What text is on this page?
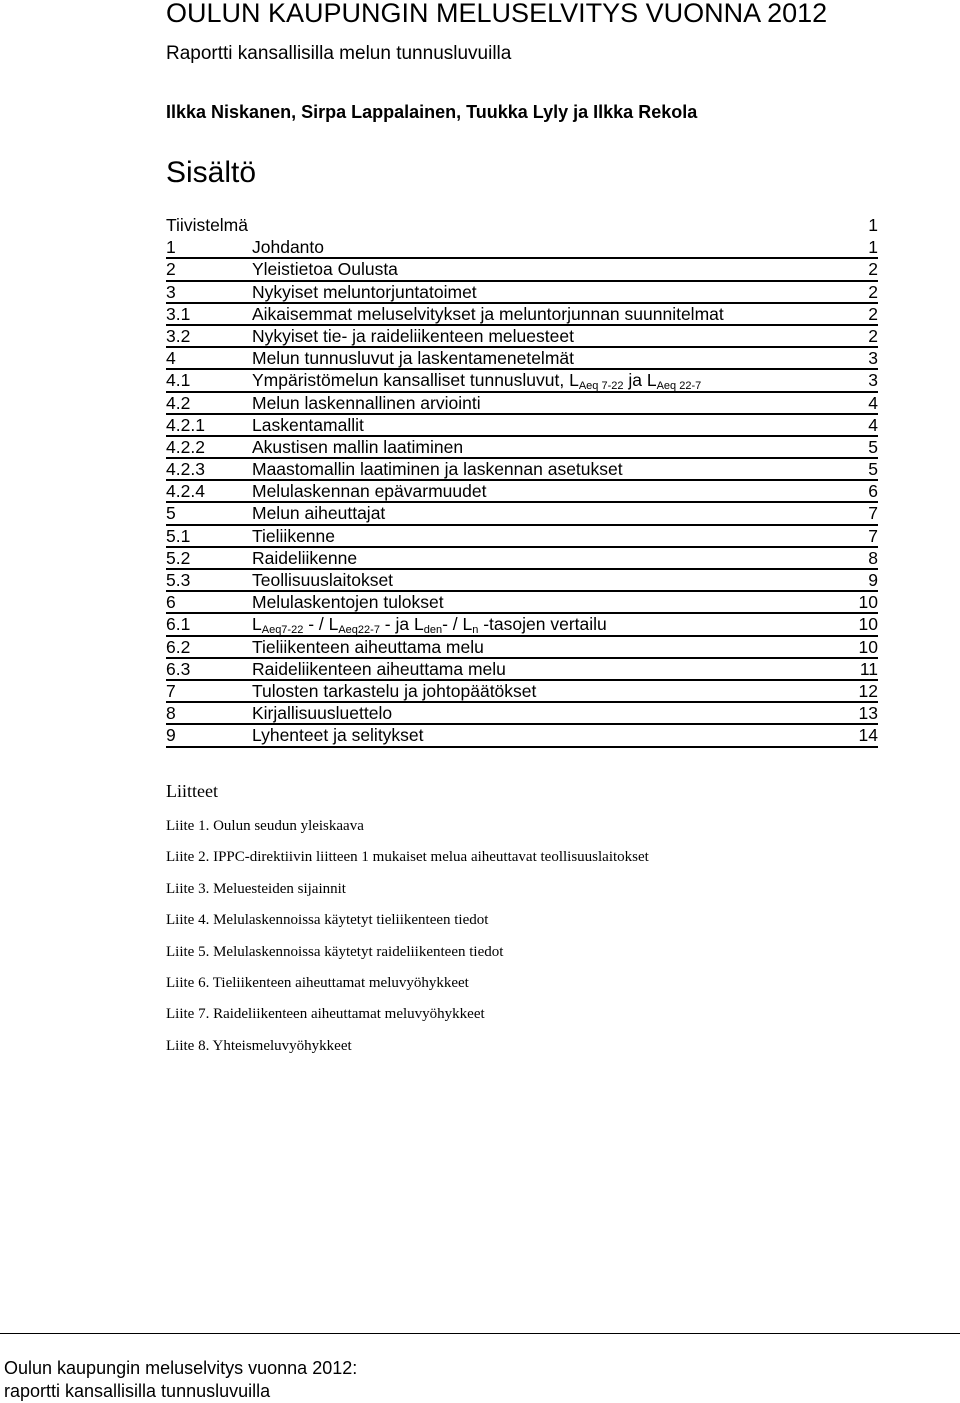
OULUN KAUPUNGIN MELUSELVITYS VUONNA 2012
Raportti kansallisilla melun tunnusluvuilla
Ilkka Niskanen, Sirpa Lappalainen, Tuukka Lyly ja Ilkka Rekola
Sisältö
Tiivistelmä	1
1	Johdanto	1
2	Yleistietoa Oulusta	2
3	Nykyiset meluntorjuntatoimet	2
3.1	Aikaisemmat meluselvitykset ja meluntorjunnan suunnitelmat	2
3.2	Nykyiset tie- ja raideliikenteen meluesteet	2
4	Melun tunnusluvut ja laskentamenetelmät	3
4.1	Ympäristömelun kansalliset tunnusluvut, $L_{Aeq 7-22}$ ja $L_{Aeq 22-7}$	3
4.2	Melun laskennallinen arviointi	4
4.2.1	Laskentamallit	4
4.2.2	Akustisen mallin laatiminen	5
4.2.3	Maastomallin laatiminen ja laskennan asetukset	5
4.2.4	Melulaskennan epävarmuudet	6
5	Melun aiheuttajat	7
5.1	Tieliikenne	7
5.2	Raideliikenne	8
5.3	Teollisuuslaitokset	9
6	Melulaskentojen tulokset	10
6.1	$L_{Aeq7-22}$ - / $L_{Aeq22-7}$ - ja $L_{den}- / L_n$ -tasojen vertailu	10
6.2	Tieliikenteen aiheuttama melu	10
6.3	Raideliikenteen aiheuttama melu	11
7	Tulosten tarkastelu ja johtopäätökset	12
8	Kirjallisuusluettelo	13
9	Lyhenteet ja selitykset	14
Liitteet
Liite 1. Oulun seudun yleiskaava
Liite 2. IPPC-direktiivin liitteen 1 mukaiset melua aiheuttavat teollisuuslaitokset
Liite 3. Meluesteiden sijainnit
Liite 4. Melulaskennoissa käytetyt tieliikenteen tiedot
Liite 5. Melulaskennoissa käytetyt raideliikenteen tiedot
Liite 6. Tieliikenteen aiheuttamat meluvyöhykkeet
Liite 7. Raideliikenteen aiheuttamat meluvyöhykkeet
Liite 8. Yhteismeluvyöhykkeet
Oulun kaupungin meluselvitys vuonna 2012:
raportti kansallisilla tunnusluvuilla
